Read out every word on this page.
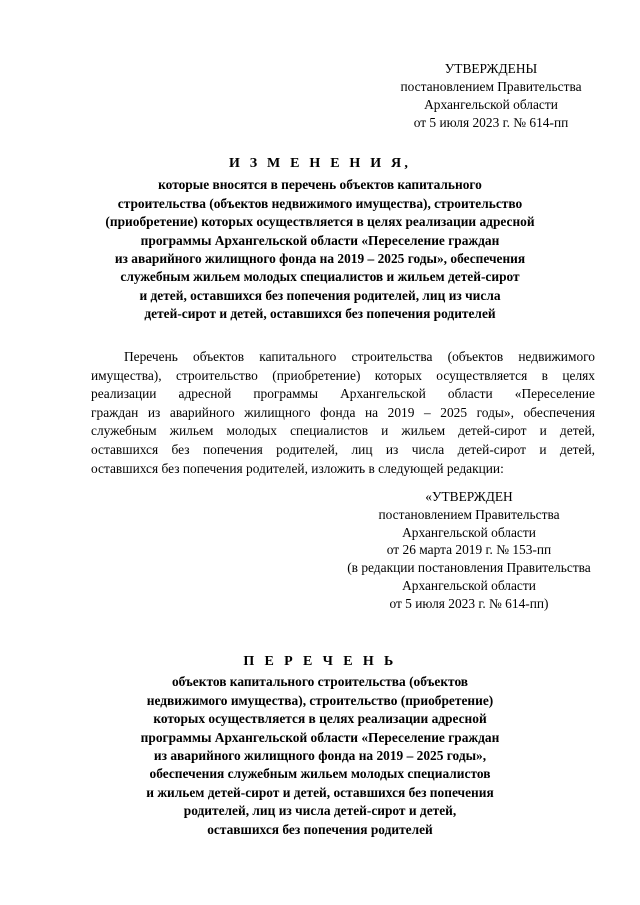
УТВЕРЖДЕНЫ
постановлением Правительства
Архангельской области
от 5 июля 2023 г. № 614-пп
И З М Е Н Е Н И Я,
которые вносятся в перечень объектов капитального
строительства (объектов недвижимого имущества), строительство
(приобретение) которых осуществляется в целях реализации адресной
программы Архангельской области «Переселение граждан
из аварийного жилищного фонда на 2019 – 2025 годы», обеспечения
служебным жильем молодых специалистов и жильем детей-сирот
и детей, оставшихся без попечения родителей, лиц из числа
детей-сирот и детей, оставшихся без попечения родителей
Перечень объектов капитального строительства (объектов недвижимого
имущества), строительство (приобретение) которых осуществляется в целях
реализации адресной программы Архангельской области «Переселение
граждан из аварийного жилищного фонда на 2019 – 2025 годы», обеспечения
служебным жильем молодых специалистов и жильем детей-сирот и детей,
оставшихся без попечения родителей, лиц из числа детей-сирот и детей,
оставшихся без попечения родителей, изложить в следующей редакции:
«УТВЕРЖДЕН
постановлением Правительства
Архангельской области
от 26 марта 2019 г. № 153-пп
(в редакции постановления Правительства
Архангельской области
от 5 июля 2023 г. № 614-пп)
П Е Р Е Ч Е Н Ь
объектов капитального строительства (объектов
недвижимого имущества), строительство (приобретение)
которых осуществляется в целях реализации адресной
программы Архангельской области «Переселение граждан
из аварийного жилищного фонда на 2019 – 2025 годы»,
обеспечения служебным жильем молодых специалистов
и жильем детей-сирот и детей, оставшихся без попечения
родителей, лиц из числа детей-сирот и детей,
оставшихся без попечения родителей
